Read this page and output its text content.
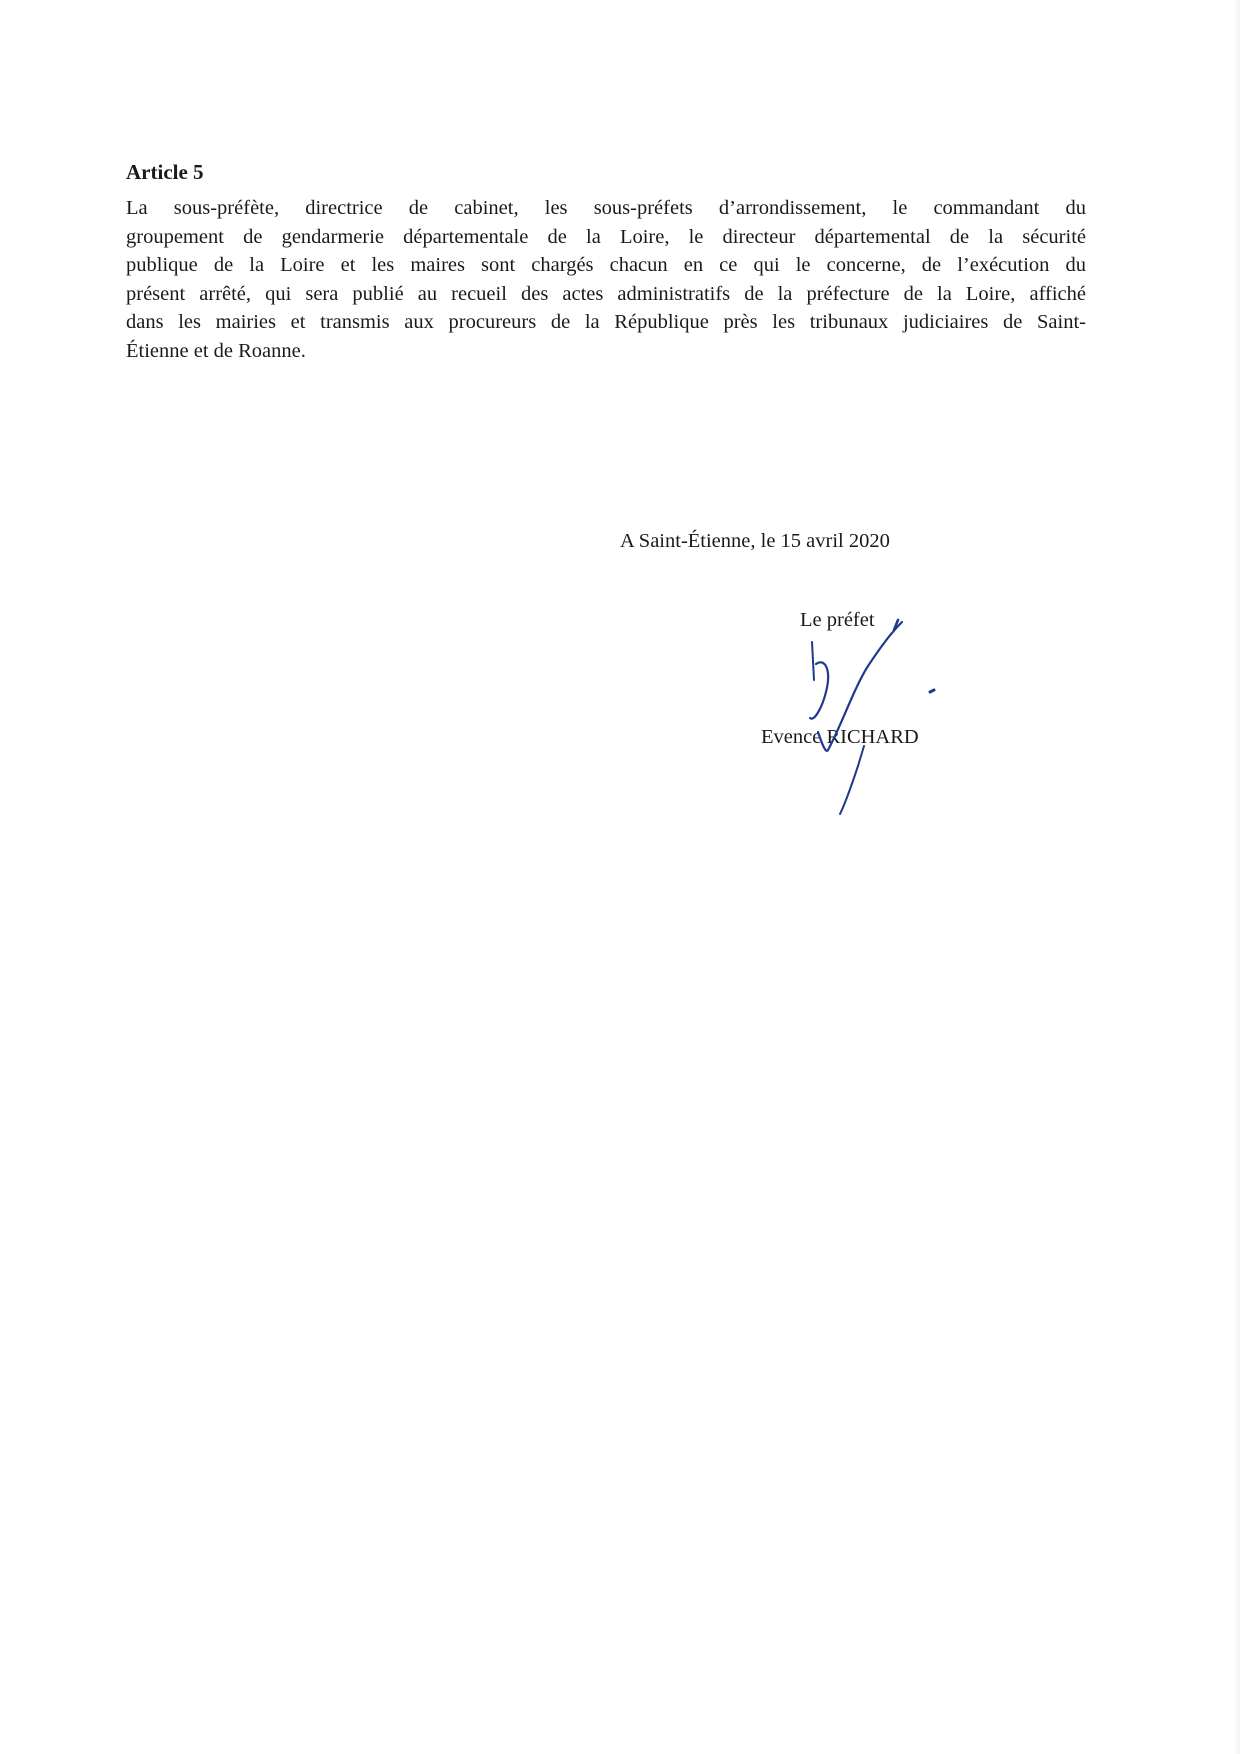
Article 5

La sous-préfète, directrice de cabinet, les sous-préfets d’arrondissement, le commandant du
groupement de gendarmerie départementale de la Loire, le directeur départemental de la sécurité
publique de la Loire et les maires sont chargés chacun en ce qui le concerne, de l’exécution du
présent arrêté, qui sera publié au recueil des actes administratifs de la préfecture de la Loire, affiché
dans les mairies et transmis aux procureurs de la République près les tribunaux judiciaires de Saint-
Étienne et de Roanne.

A Saint-Étienne, le 15 avril 2020

Le préfet

Evence RICHARD
